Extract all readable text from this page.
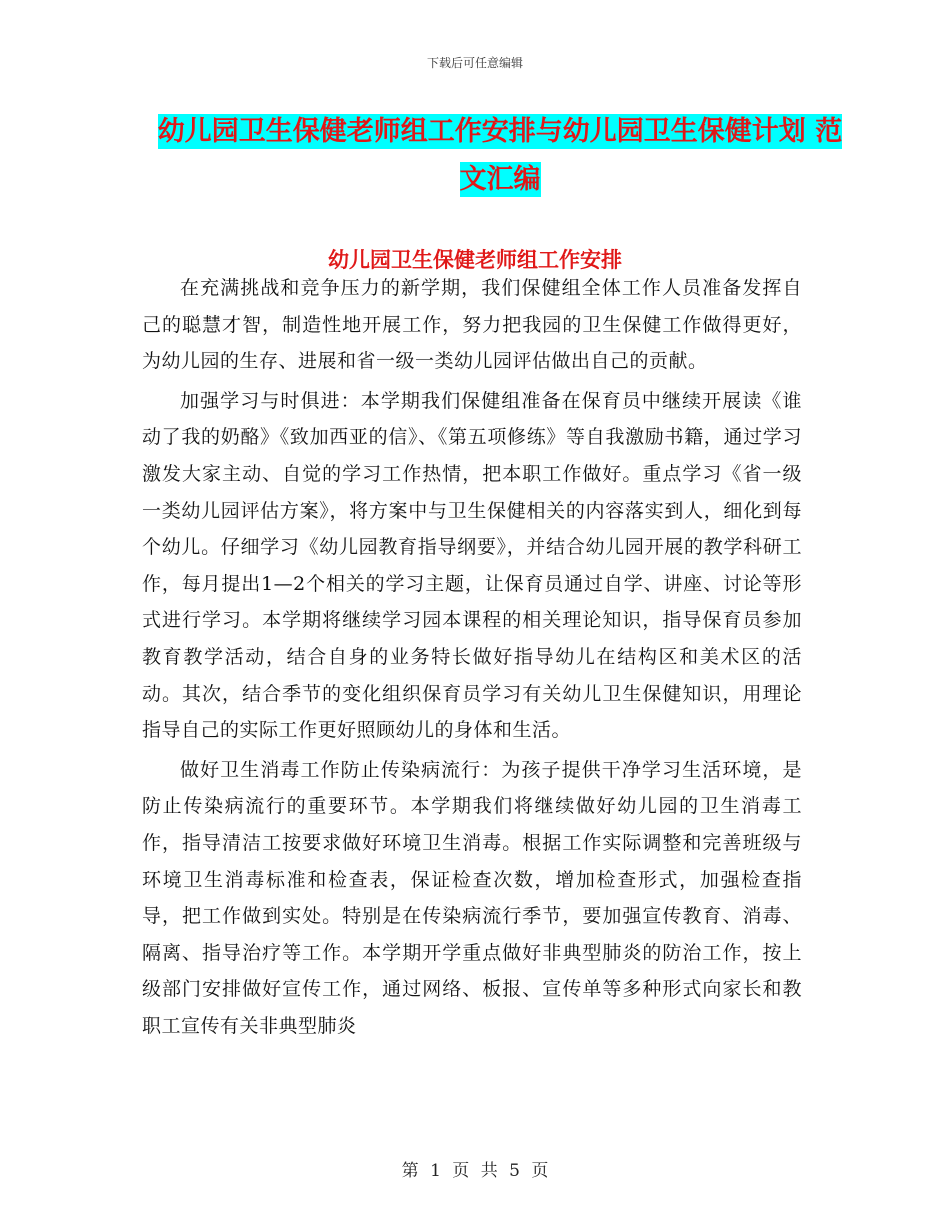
下载后可任意编辑
幼儿园卫生保健老师组工作安排与幼儿园卫生保健计划 范文汇编
幼儿园卫生保健老师组工作安排

在充满挑战和竞争压力的新学期，我们保健组全体工作人员准备发挥自己的聪慧才智，制造性地开展工作，努力把我园的卫生保健工作做得更好，为幼儿园的生存、进展和省一级一类幼儿园评估做出自己的贡献。

加强学习与时俱进：本学期我们保健组准备在保育员中继续开展读《谁动了我的奶酪》《致加西亚的信》、《第五项修练》等自我激励书籍，通过学习激发大家主动、自觉的学习工作热情，把本职工作做好。重点学习《省一级一类幼儿园评估方案》，将方案中与卫生保健相关的内容落实到人，细化到每个幼儿。仔细学习《幼儿园教育指导纲要》，并结合幼儿园开展的教学科研工作，每月提出1—2个相关的学习主题，让保育员通过自学、讲座、讨论等形式进行学习。本学期将继续学习园本课程的相关理论知识，指导保育员参加教育教学活动，结合自身的业务特长做好指导幼儿在结构区和美术区的活动。其次，结合季节的变化组织保育员学习有关幼儿卫生保健知识，用理论指导自己的实际工作更好照顾幼儿的身体和生活。

做好卫生消毒工作防止传染病流行：为孩子提供干净学习生活环境，是防止传染病流行的重要环节。本学期我们将继续做好幼儿园的卫生消毒工作，指导清洁工按要求做好环境卫生消毒。根据工作实际调整和完善班级与环境卫生消毒标准和检查表，保证检查次数，增加检查形式，加强检查指导，把工作做到实处。特别是在传染病流行季节，要加强宣传教育、消毒、隔离、指导治疗等工作。本学期开学重点做好非典型肺炎的防治工作，按上级部门安排做好宣传工作，通过网络、板报、宣传单等多种形式向家长和教职工宣传有关非典型肺炎

第 1 页 共 5 页
